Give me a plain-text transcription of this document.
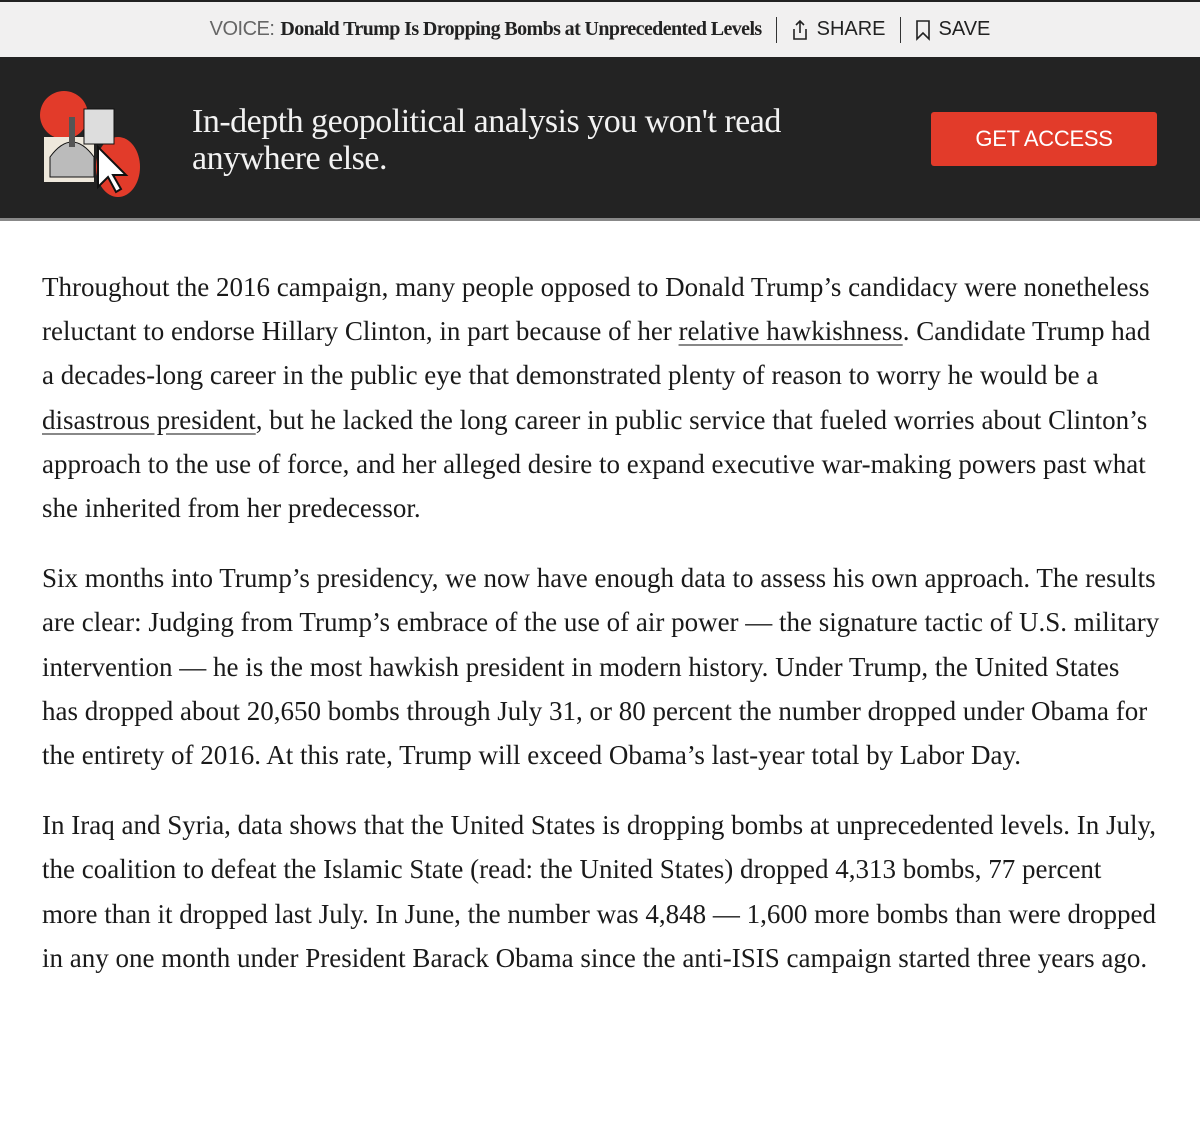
VOICE: Donald Trump Is Dropping Bombs at Unprecedented Levels	SHARE	SAVE
In-depth geopolitical analysis you won't read anywhere else.
GET ACCESS

Throughout the 2016 campaign, many people opposed to Donald Trump’s candidacy were nonetheless reluctant to endorse Hillary Clinton, in part because of her relative hawkishness. Candidate Trump had a decades-long career in the public eye that demonstrated plenty of reason to worry he would be a disastrous president, but he lacked the long career in public service that fueled worries about Clinton’s approach to the use of force, and her alleged desire to expand executive war-making powers past what she inherited from her predecessor.

Six months into Trump’s presidency, we now have enough data to assess his own approach. The results are clear: Judging from Trump’s embrace of the use of air power — the signature tactic of U.S. military intervention — he is the most hawkish president in modern history. Under Trump, the United States has dropped about 20,650 bombs through July 31, or 80 percent the number dropped under Obama for the entirety of 2016. At this rate, Trump will exceed Obama’s last-year total by Labor Day.

In Iraq and Syria, data shows that the United States is dropping bombs at unprecedented levels. In July, the coalition to defeat the Islamic State (read: the United States) dropped 4,313 bombs, 77 percent more than it dropped last July. In June, the number was 4,848 — 1,600 more bombs than were dropped in any one month under President Barack Obama since the anti-ISIS campaign started three years ago.
